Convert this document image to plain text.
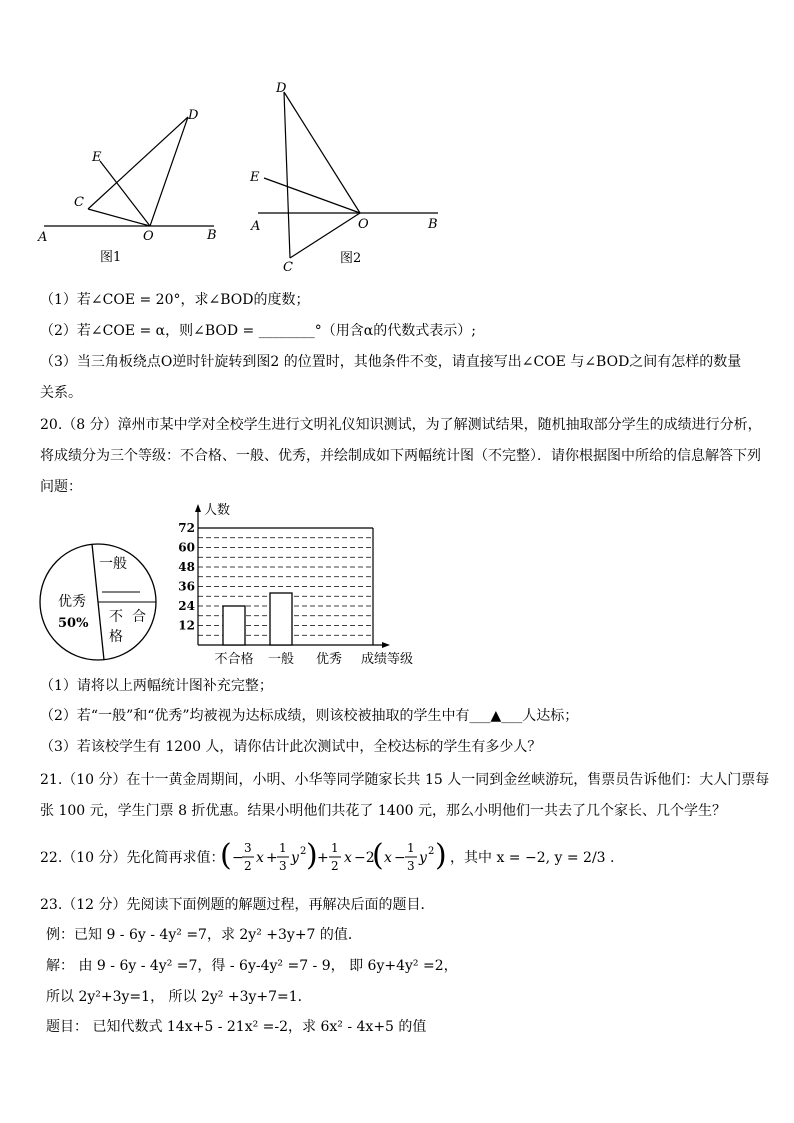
D
E
C
A	O	B
图1
D
E
A	O	B
C
图2
（1）若∠COE = 20°，求∠BOD的度数；
（2）若∠COE = α，则∠BOD = ________°（用含α的代数式表示）;
（3）当三角板绕点O逆时针旋转到图2 的位置时，其他条件不变，请直接写出∠COE 与∠BOD之间有怎样的数量
关系。
20.（8 分）漳州市某中学对全校学生进行文明礼仪知识测试，为了解测试结果，随机抽取部分学生的成绩进行分析，
将成绩分为三个等级：不合格、一般、优秀，并绘制成如下两幅统计图（不完整）．请你根据图中所给的信息解答下列
问题：
一般
优秀
50% 不 合
格
12
24
36
48
60
72
人数
成绩等级
不合格 一般 优秀
（1）请将以上两幅统计图补充完整；
（2）若“一般”和“优秀”均被视为达标成绩，则该校被抽取的学生中有___▲___人达标；
（3）若该校学生有 1200 人，请你估计此次测试中，全校达标的学生有多少人？
21.（10 分）在十一黄金周期间，小明、小华等同学随家长共 15 人一同到金丝峡游玩，售票员告诉他们：大人门票每
张 100 元，学生门票 8 折优惠。结果小明他们共花了 1400 元，那么小明他们一共去了几个家长、几个学生？
22.（10 分）先化简再求值：
( −
3
2 x +
1
3 y 2 ) +
1
2 x −2
( x −
1
3 y 2 ) ，其中 x = −2, y = 2/3 .
23.（12 分）先阅读下面例题的解题过程，再解决后面的题目．
例：已知 9 - 6y - 4y² =7，求 2y² +3y+7 的值．
解： 由 9 - 6y - 4y² =7，得 - 6y-4y² =7 - 9， 即 6y+4y² =2，
所以 2y²+3y=1， 所以 2y² +3y+7=1．
题目： 已知代数式 14x+5 - 21x² =-2，求 6x² - 4x+5 的值
